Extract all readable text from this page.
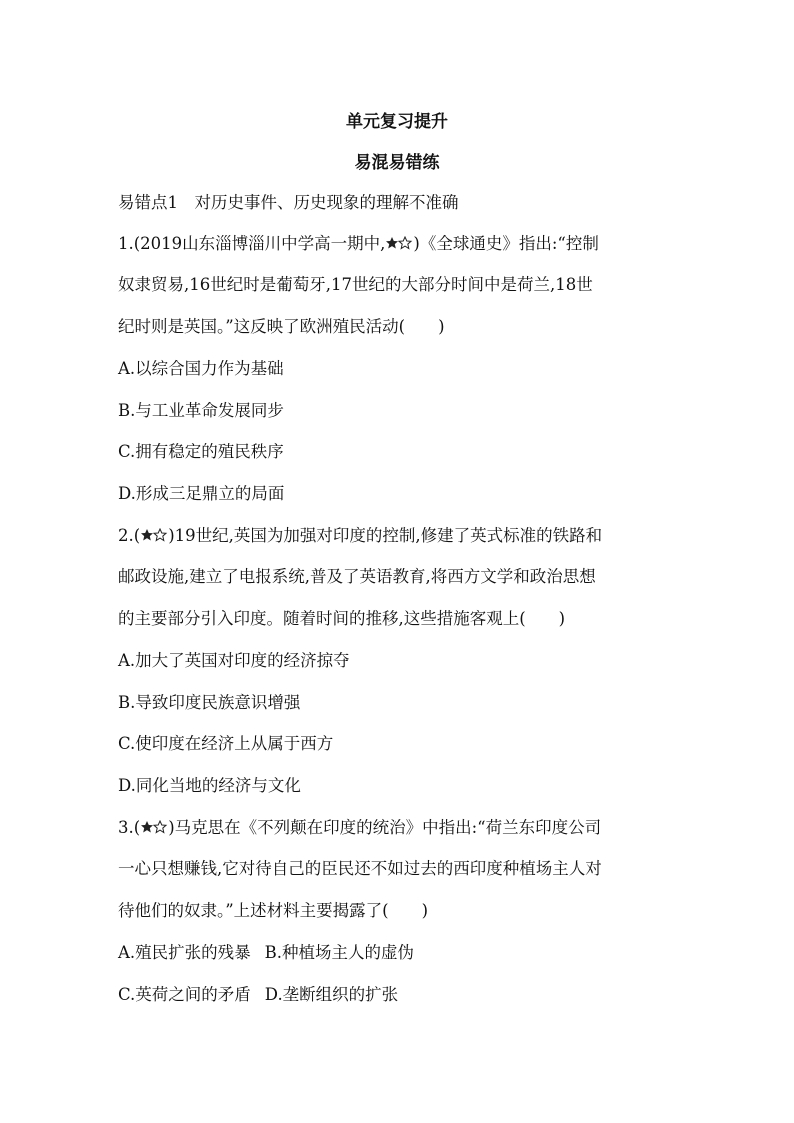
单元复习提升
易混易错练
易错点1　对历史事件、历史现象的理解不准确
1.(2019山东淄博淄川中学高一期中, )《全球通史》指出:“控制
奴隶贸易,16世纪时是葡萄牙,17世纪的大部分时间中是荷兰,18世
纪时则是英国。”这反映了欧洲殖民活动(　　)
A.以综合国力作为基础
B.与工业革命发展同步
C.拥有稳定的殖民秩序
D.形成三足鼎立的局面
2.( )19世纪,英国为加强对印度的控制,修建了英式标准的铁路和
邮政设施,建立了电报系统,普及了英语教育,将西方文学和政治思想
的主要部分引入印度。随着时间的推移,这些措施客观上(　　)
A.加大了英国对印度的经济掠夺
B.导致印度民族意识增强
C.使印度在经济上从属于西方
D.同化当地的经济与文化
3.( )马克思在《不列颠在印度的统治》中指出:“荷兰东印度公司
一心只想赚钱,它对待自己的臣民还不如过去的西印度种植场主人对
待他们的奴隶。”上述材料主要揭露了(　　)
A.殖民扩张的残暴 B.种植场主人的虚伪
C.英荷之间的矛盾 D.垄断组织的扩张
